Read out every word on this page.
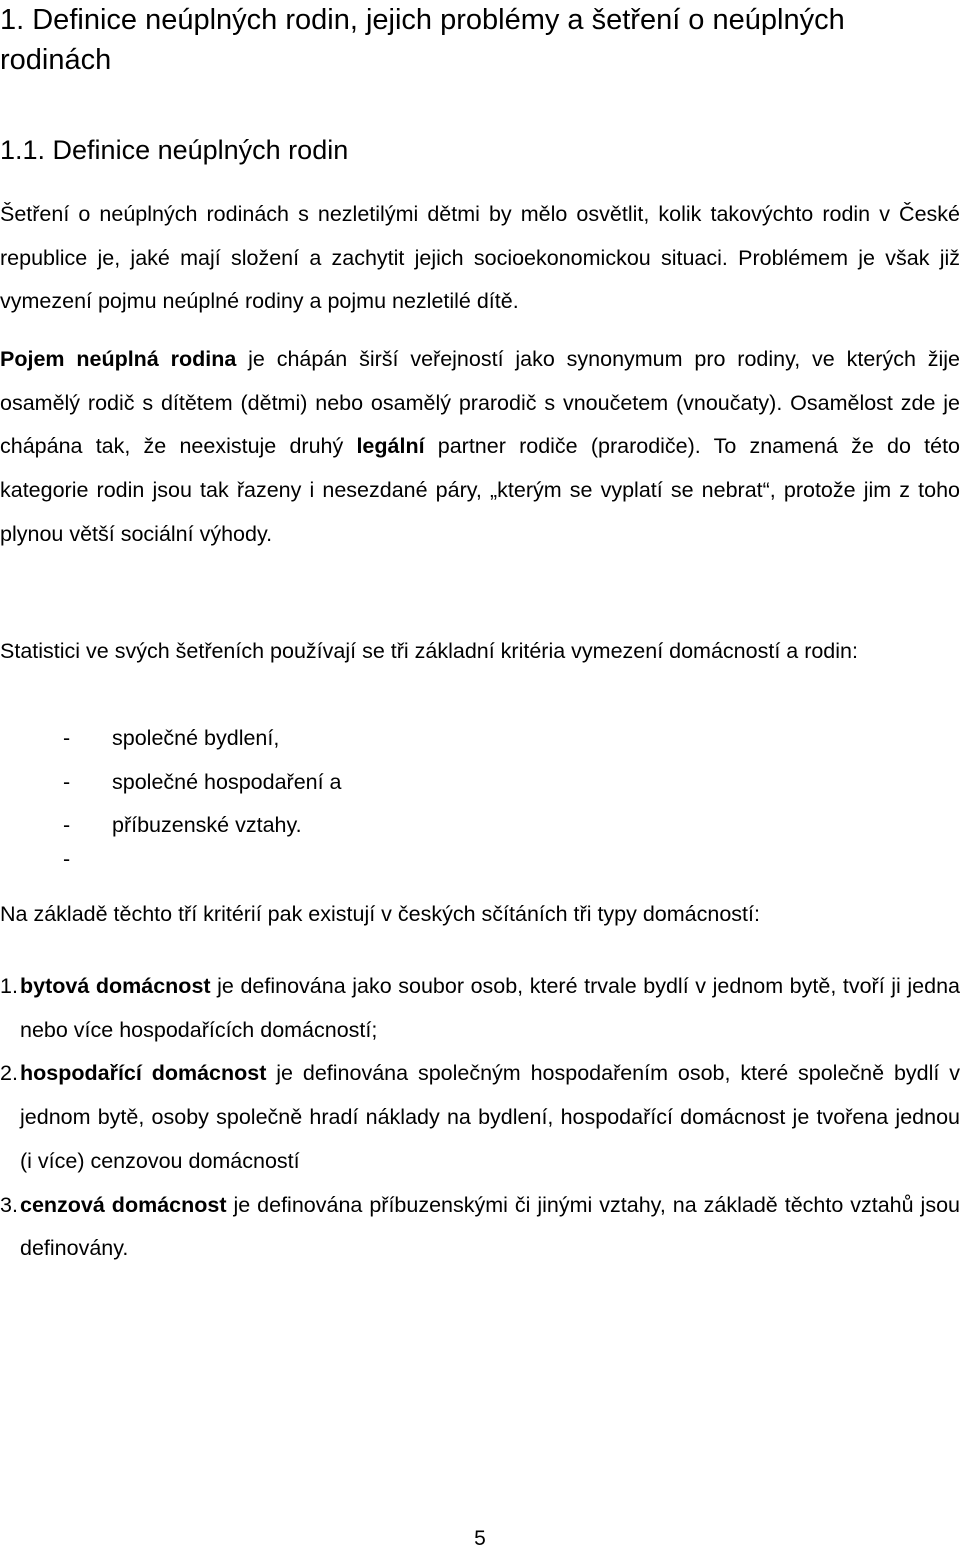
1. Definice neúplných rodin, jejich problémy a šetření o neúplných rodinách
1.1. Definice neúplných rodin

Šetření o neúplných rodinách s nezletilými dětmi by mělo osvětlit, kolik takovýchto rodin v České republice je, jaké mají složení a zachytit jejich socioekonomickou situaci. Problémem je však již vymezení pojmu neúplné rodiny a pojmu nezletilé dítě.

Pojem neúplná rodina je chápán širší veřejností jako synonymum pro rodiny, ve kterých žije osamělý rodič s dítětem (dětmi) nebo osamělý prarodič s vnoučetem (vnoučaty). Osamělost zde je chápána tak, že neexistuje druhý legální partner rodiče (prarodiče). To znamená že do této kategorie rodin jsou tak řazeny i nesezdané páry, „kterým se vyplatí se nebrat“, protože jim z toho plynou větší sociální výhody.

Statistici ve svých šetřeních používají se tři základní kritéria vymezení domácností a rodin:

- společné bydlení,
- společné hospodaření a
- příbuzenské vztahy.
-

Na základě těchto tří kritérií pak existují v českých sčítáních tři typy domácností:

1. bytová domácnost je definována jako soubor osob, které trvale bydlí v jednom bytě, tvoří ji jedna nebo více hospodařících domácností;
2. hospodařící domácnost je definována společným hospodařením osob, které společně bydlí v jednom bytě, osoby společně hradí náklady na bydlení, hospodařící domácnost je tvořena jednou (i více) cenzovou domácností
3. cenzová domácnost je definována příbuzenskými či jinými vztahy, na základě těchto vztahů jsou definovány.
5
